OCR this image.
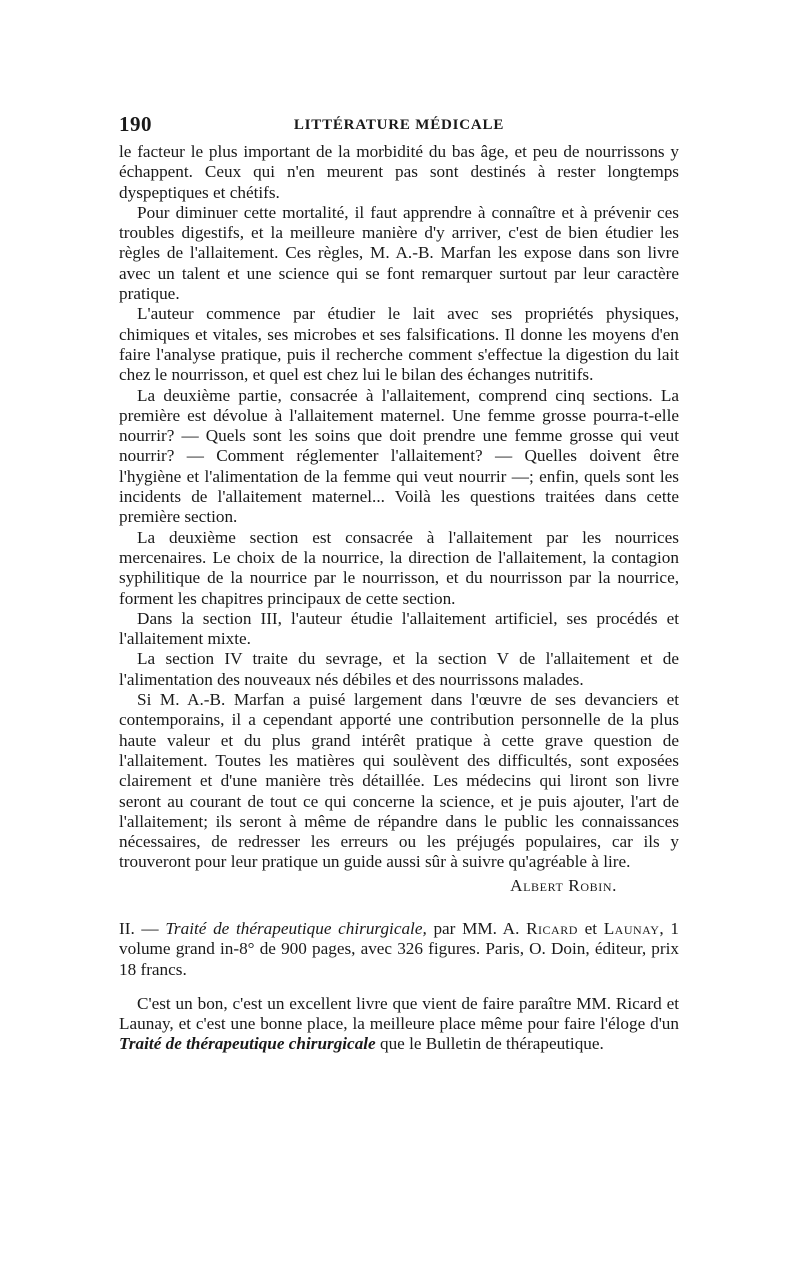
190	LITTÉRATURE MÉDICALE

le facteur le plus important de la morbidité du bas âge, et peu de nourrissons y échappent. Ceux qui n'en meurent pas sont destinés à rester longtemps dyspeptiques et chétifs.

Pour diminuer cette mortalité, il faut apprendre à connaître et à prévenir ces troubles digestifs, et la meilleure manière d'y arriver, c'est de bien étudier les règles de l'allaitement. Ces règles, M. A.-B. Marfan les expose dans son livre avec un talent et une science qui se font remarquer surtout par leur caractère pratique.

L'auteur commence par étudier le lait avec ses propriétés physiques, chimiques et vitales, ses microbes et ses falsifications. Il donne les moyens d'en faire l'analyse pratique, puis il recherche comment s'effectue la digestion du lait chez le nourrisson, et quel est chez lui le bilan des échanges nutritifs.

La deuxième partie, consacrée à l'allaitement, comprend cinq sections. La première est dévolue à l'allaitement maternel. Une femme grosse pourra-t-elle nourrir? — Quels sont les soins que doit prendre une femme grosse qui veut nourrir? — Comment réglementer l'allaitement? — Quelles doivent être l'hygiène et l'alimentation de la femme qui veut nourrir —; enfin, quels sont les incidents de l'allaitement maternel... Voilà les questions traitées dans cette première section.

La deuxième section est consacrée à l'allaitement par les nourrices mercenaires. Le choix de la nourrice, la direction de l'allaitement, la contagion syphilitique de la nourrice par le nourrisson, et du nourrisson par la nourrice, forment les chapitres principaux de cette section.

Dans la section III, l'auteur étudie l'allaitement artificiel, ses procédés et l'allaitement mixte.

La section IV traite du sevrage, et la section V de l'allaitement et de l'alimentation des nouveaux nés débiles et des nourrissons malades.

Si M. A.-B. Marfan a puisé largement dans l'œuvre de ses devanciers et contemporains, il a cependant apporté une contribution personnelle de la plus haute valeur et du plus grand intérêt pratique à cette grave question de l'allaitement. Toutes les matières qui soulèvent des difficultés, sont exposées clairement et d'une manière très détaillée. Les médecins qui liront son livre seront au courant de tout ce qui concerne la science, et je puis ajouter, l'art de l'allaitement; ils seront à même de répandre dans le public les connaissances nécessaires, de redresser les erreurs ou les préjugés populaires, car ils y trouveront pour leur pratique un guide aussi sûr à suivre qu'agréable à lire.

Albert Robin.
II. — Traité de thérapeutique chirurgicale, par MM. A. Ricard et Launay, 1 volume grand in-8° de 900 pages, avec 326 figures. Paris, O. Doin, éditeur, prix 18 francs.

C'est un bon, c'est un excellent livre que vient de faire paraître MM. Ricard et Launay, et c'est une bonne place, la meilleure place même pour faire l'éloge d'un Traité de thérapeutique chirurgicale que le Bulletin de thérapeutique.
